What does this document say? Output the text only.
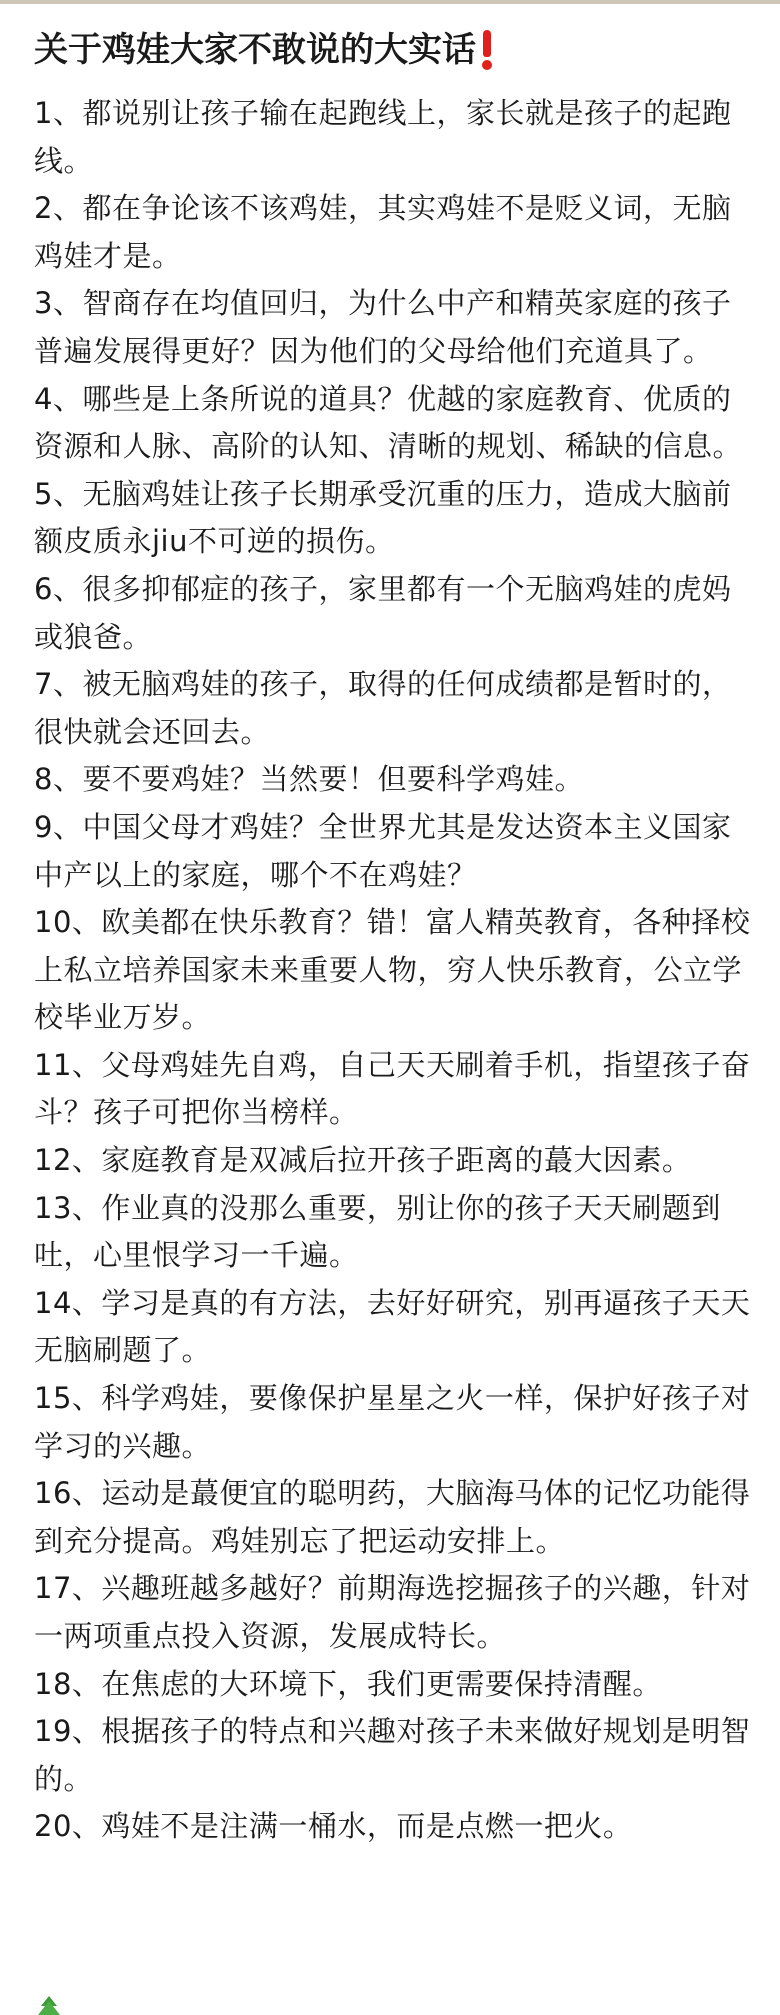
关于鸡娃大家不敢说的大实话

1、都说别让孩子输在起跑线上，家长就是孩子的起跑线。

2、都在争论该不该鸡娃，其实鸡娃不是贬义词，无脑鸡娃才是。

3、智商存在均值回归，为什么中产和精英家庭的孩子普遍发展得更好？因为他们的父母给他们充道具了。

4、哪些是上条所说的道具？优越的家庭教育、优质的资源和人脉、高阶的认知、清晰的规划、稀缺的信息。

5、无脑鸡娃让孩子长期承受沉重的压力，造成大脑前额皮质永jiu不可逆的损伤。

6、很多抑郁症的孩子，家里都有一个无脑鸡娃的虎妈或狼爸。

7、被无脑鸡娃的孩子，取得的任何成绩都是暂时的，很快就会还回去。

8、要不要鸡娃？当然要！但要科学鸡娃。

9、中国父母才鸡娃？全世界尤其是发达资本主义国家中产以上的家庭，哪个不在鸡娃？

10、欧美都在快乐教育？错！富人精英教育，各种择校上私立培养国家未来重要人物，穷人快乐教育，公立学校毕业万岁。

11、父母鸡娃先自鸡，自己天天刷着手机，指望孩子奋斗？孩子可把你当榜样。

12、家庭教育是双减后拉开孩子距离的蕞大因素。

13、作业真的没那么重要，别让你的孩子天天刷题到吐，心里恨学习一千遍。

14、学习是真的有方法，去好好研究，别再逼孩子天天无脑刷题了。

15、科学鸡娃，要像保护星星之火一样，保护好孩子对学习的兴趣。

16、运动是蕞便宜的聪明药，大脑海马体的记忆功能得到充分提高。鸡娃别忘了把运动安排上。

17、兴趣班越多越好？前期海选挖掘孩子的兴趣，针对一两项重点投入资源，发展成特长。

18、在焦虑的大环境下，我们更需要保持清醒。

19、根据孩子的特点和兴趣对孩子未来做好规划是明智的。

20、鸡娃不是注满一桶水，而是点燃一把火。
